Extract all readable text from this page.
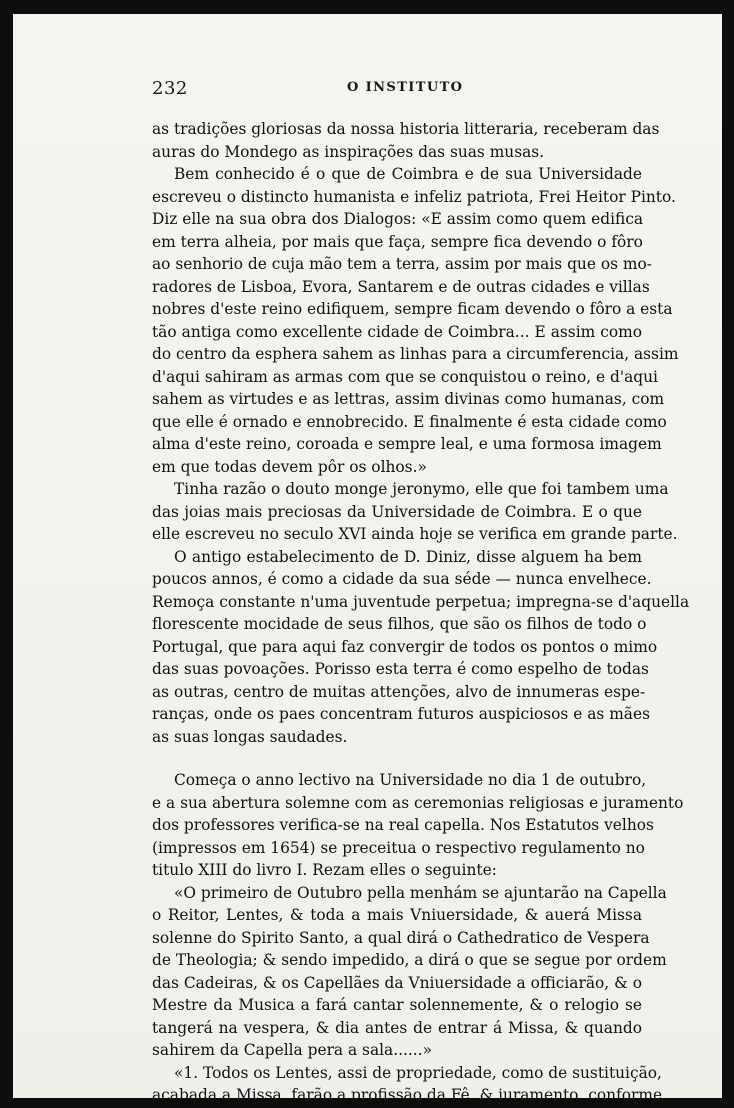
232	O INSTITUTO
as tradições gloriosas da nossa historia litteraria, receberam das
auras do Mondego as inspirações das suas musas.
Bem conhecido é o que de Coimbra e de sua Universidade
escreveu o distincto humanista e infeliz patriota, Frei Heitor Pinto.
Diz elle na sua obra dos Dialogos: «E assim como quem edifica
em terra alheia, por mais que faça, sempre fica devendo o fôro
ao senhorio de cuja mão tem a terra, assim por mais que os mo-
radores de Lisboa, Evora, Santarem e de outras cidades e villas
nobres d'este reino edifiquem, sempre ficam devendo o fôro a esta
tão antiga como excellente cidade de Coimbra... E assim como
do centro da esphera sahem as linhas para a circumferencia, assim
d'aqui sahiram as armas com que se conquistou o reino, e d'aqui
sahem as virtudes e as lettras, assim divinas como humanas, com
que elle é ornado e ennobrecido. E finalmente é esta cidade como
alma d'este reino, coroada e sempre leal, e uma formosa imagem
em que todas devem pôr os olhos.»
Tinha razão o douto monge jeronymo, elle que foi tambem uma
das joias mais preciosas da Universidade de Coimbra. E o que
elle escreveu no seculo XVI ainda hoje se verifica em grande parte.
O antigo estabelecimento de D. Diniz, disse alguem ha bem
poucos annos, é como a cidade da sua séde — nunca envelhece.
Remoça constante n'uma juventude perpetua; impregna-se d'aquella
florescente mocidade de seus filhos, que são os filhos de todo o
Portugal, que para aqui faz convergir de todos os pontos o mimo
das suas povoações. Porisso esta terra é como espelho de todas
as outras, centro de muitas attenções, alvo de innumeras espe-
ranças, onde os paes concentram futuros auspiciosos e as mães
as suas longas saudades.
Começa o anno lectivo na Universidade no dia 1 de outubro,
e a sua abertura solemne com as ceremonias religiosas e juramento
dos professores verifica-se na real capella. Nos Estatutos velhos
(impressos em 1654) se preceitua o respectivo regulamento no
titulo XIII do livro I. Rezam elles o seguinte:
«O primeiro de Outubro pella menhám se ajuntarão na Capella
o Reitor, Lentes, & toda a mais Vniuersidade, & auerá Missa
solenne do Spirito Santo, a qual dirá o Cathedratico de Vespera
de Theologia; & sendo impedido, a dirá o que se segue por ordem
das Cadeiras, & os Capellães da Vniuersidade a officiarão, & o
Mestre da Musica a fará cantar solennemente, & o relogio se
tangerá na vespera, & dia antes de entrar á Missa, & quando
sahirem da Capella pera a sala......»
«1. Todos os Lentes, assi de propriedade, como de sustituição,
acabada a Missa, farão a profissão da Fê, & juramento, conforme
